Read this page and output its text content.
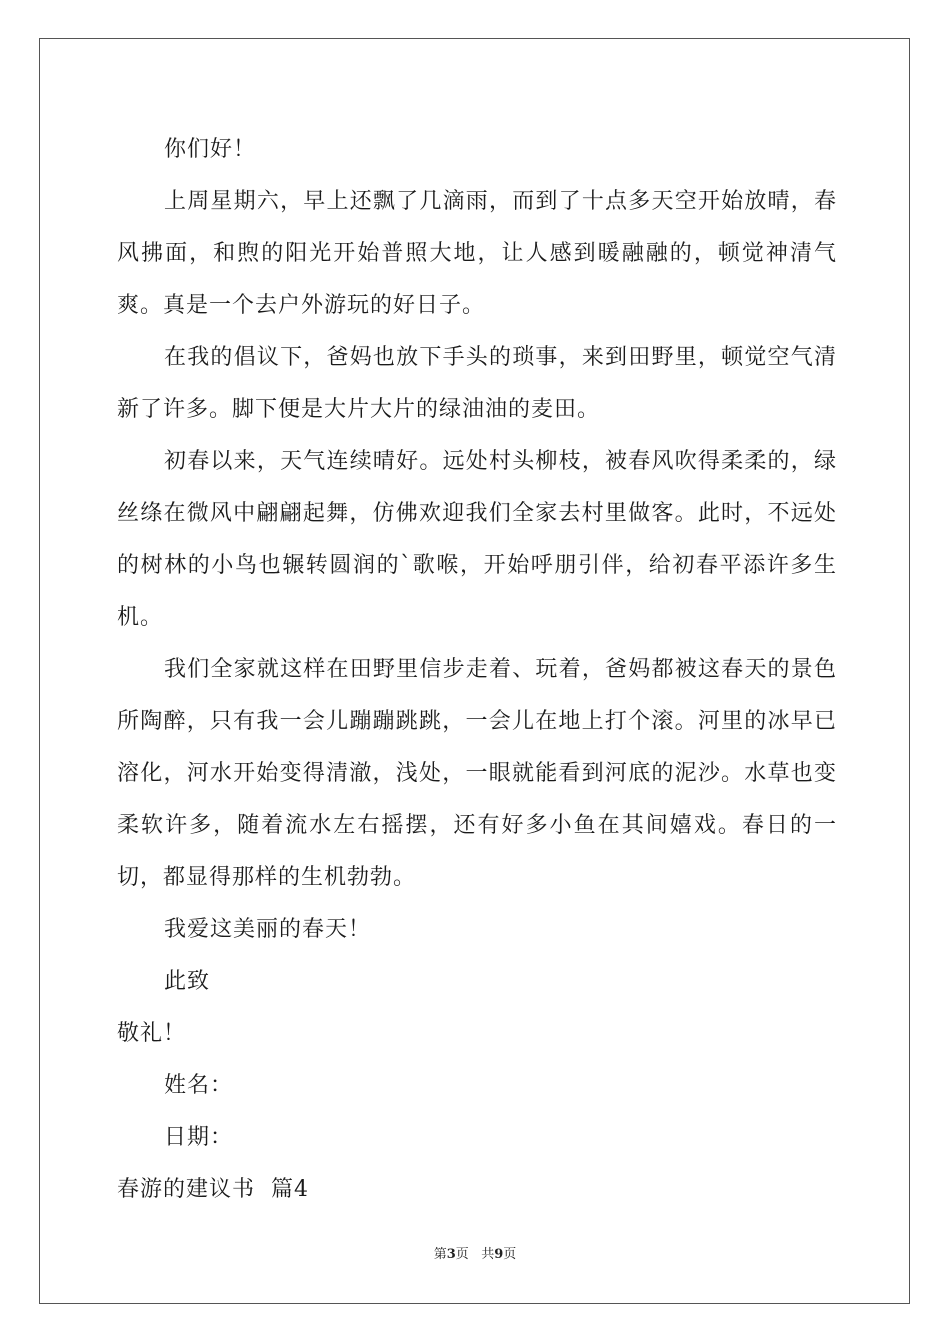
你们好！

上周星期六，早上还飘了几滴雨，而到了十点多天空开始放晴，春风拂面，和煦的阳光开始普照大地，让人感到暖融融的，顿觉神清气爽。真是一个去户外游玩的好日子。

在我的倡议下，爸妈也放下手头的琐事，来到田野里，顿觉空气清新了许多。脚下便是大片大片的绿油油的麦田。

初春以来，天气连续晴好。远处村头柳枝，被春风吹得柔柔的，绿丝绦在微风中翩翩起舞，仿佛欢迎我们全家去村里做客。此时，不远处的树林的小鸟也辗转圆润的`歌喉，开始呼朋引伴，给初春平添许多生机。

我们全家就这样在田野里信步走着、玩着，爸妈都被这春天的景色所陶醉，只有我一会儿蹦蹦跳跳，一会儿在地上打个滚。河里的冰早已溶化，河水开始变得清澈，浅处，一眼就能看到河底的泥沙。水草也变柔软许多，随着流水左右摇摆，还有好多小鱼在其间嬉戏。春日的一切，都显得那样的生机勃勃。

我爱这美丽的春天！

此致

敬礼！

姓名：

日期：

春游的建议书  篇4

第3页   共9页
